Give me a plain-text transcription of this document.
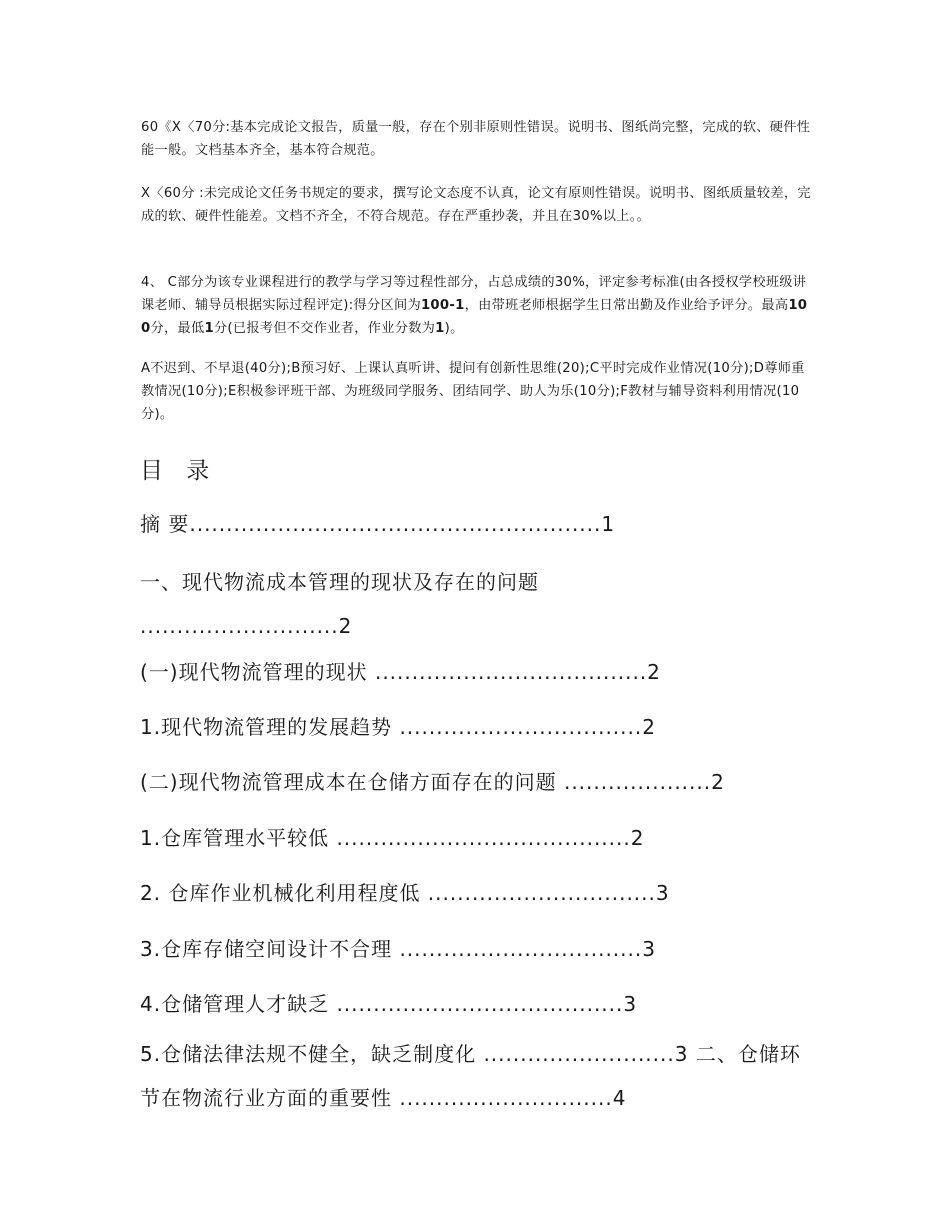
60《X〈70分:基本完成论文报告，质量一般，存在个别非原则性错误。说明书、图纸尚完整，完成的软、硬件性能一般。文档基本齐全，基本符合规范。

X〈60分 :未完成论文任务书规定的要求，撰写论文态度不认真，论文有原则性错误。说明书、图纸质量较差，完成的软、硬件性能差。文档不齐全，不符合规范。存在严重抄袭，并且在30%以上。。

4、 C部分为该专业课程进行的教学与学习等过程性部分，占总成绩的30%，评定参考标准(由各授权学校班级讲课老师、辅导员根据实际过程评定):得分区间为100-1，由带班老师根据学生日常出勤及作业给予评分。最高100分，最低1分(已报考但不交作业者，作业分数为1)。

A不迟到、不早退(40分);B预习好、上课认真听讲、提问有创新性思维(20);C平时完成作业情况(10分);D尊师重教情况(10分);E积极参评班干部、为班级同学服务、团结同学、助人为乐(10分);F教材与辅导资料利用情况(10分)。

目 录

摘 要........................................................1

一、现代物流成本管理的现状及存在的问题 ...........................2

(一)现代物流管理的现状 .....................................2

1.现代物流管理的发展趋势 .................................2

(二)现代物流管理成本在仓储方面存在的问题 ....................2

1.仓库管理水平较低 ........................................2

2. 仓库作业机械化利用程度低 ...............................3

3.仓库存储空间设计不合理 .................................3

4.仓储管理人才缺乏 .......................................3

5.仓储法律法规不健全，缺乏制度化 ..........................3 二、仓储环节在物流行业方面的重要性 .............................4
